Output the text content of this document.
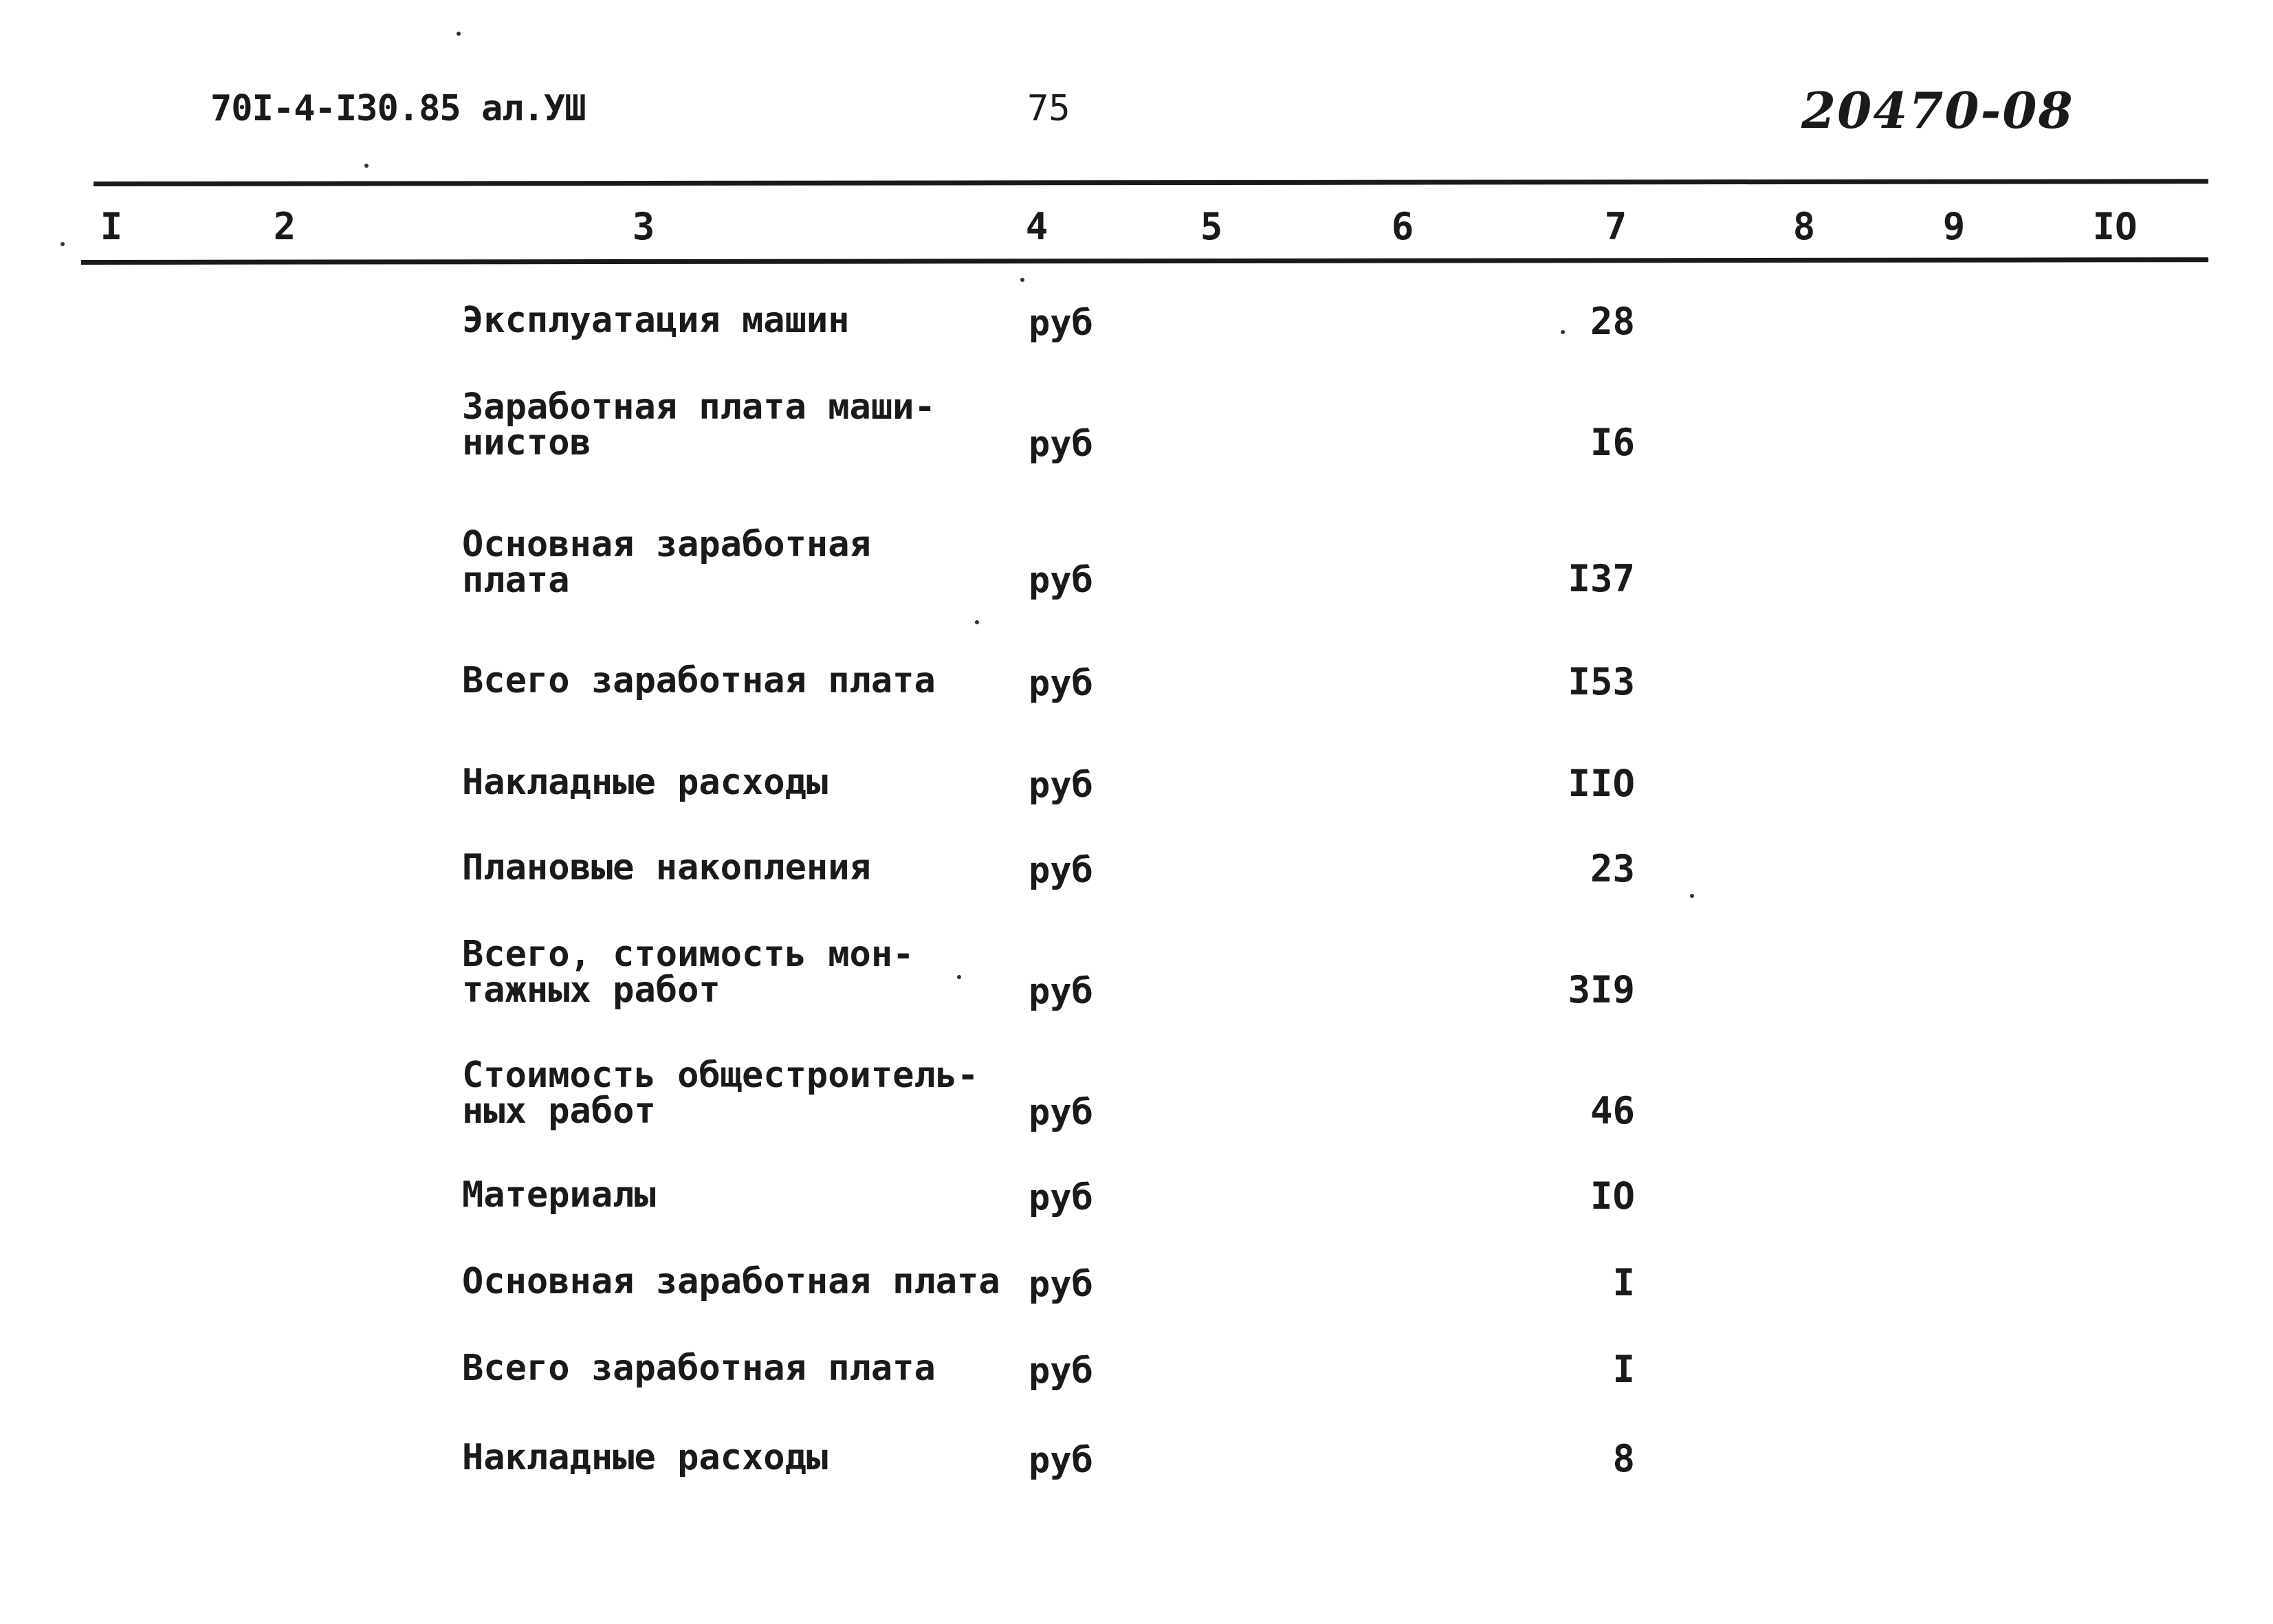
70I-4-I30.85 ал.УШ	75	20470-08
I	2	3	4	5	6	7	8	9	IO
Эксплуатация машин	руб	28
Заработная плата маши-
нистов	руб	I6
Основная заработная
плата	руб	I37
Всего заработная плата	руб	I53
Накладные расходы	руб	IIO
Плановые накопления	руб	23
Всего, стоимость мон-
тажных работ	руб	3I9
Стоимость общестроитель-
ных работ	руб	46
Материалы	руб	IO
Основная заработная плата руб	I
Всего заработная плата	руб	I
Накладные расходы	руб	8
